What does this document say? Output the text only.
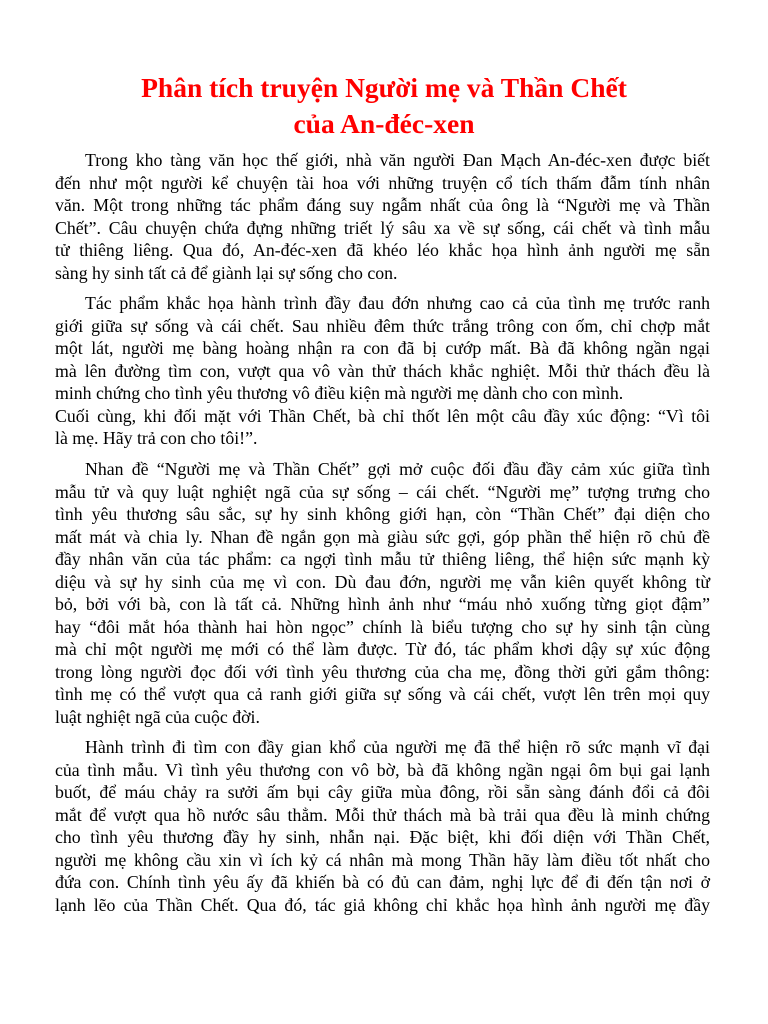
Phân tích truyện Người mẹ và Thần Chết
của An-đéc-xen

Trong kho tàng văn học thế giới, nhà văn người Đan Mạch An-đéc-xen được biết
đến như một người kể chuyện tài hoa với những truyện cổ tích thấm đẫm tính nhân
văn. Một trong những tác phẩm đáng suy ngẫm nhất của ông là “Người mẹ và Thần
Chết”. Câu chuyện chứa đựng những triết lý sâu xa về sự sống, cái chết và tình mẫu
tử thiêng liêng. Qua đó, An-đéc-xen đã khéo léo khắc họa hình ảnh người mẹ sẵn
sàng hy sinh tất cả để giành lại sự sống cho con.

Tác phẩm khắc họa hành trình đầy đau đớn nhưng cao cả của tình mẹ trước ranh
giới giữa sự sống và cái chết. Sau nhiều đêm thức trắng trông con ốm, chỉ chợp mắt
một lát, người mẹ bàng hoàng nhận ra con đã bị cướp mất. Bà đã không ngần ngại
mà lên đường tìm con, vượt qua vô vàn thử thách khắc nghiệt. Mỗi thử thách đều là
minh chứng cho tình yêu thương vô điều kiện mà người mẹ dành cho con mình.
Cuối cùng, khi đối mặt với Thần Chết, bà chỉ thốt lên một câu đầy xúc động: “Vì tôi
là mẹ. Hãy trả con cho tôi!”.

Nhan đề “Người mẹ và Thần Chết” gợi mở cuộc đối đầu đầy cảm xúc giữa tình
mẫu tử và quy luật nghiệt ngã của sự sống – cái chết. “Người mẹ” tượng trưng cho
tình yêu thương sâu sắc, sự hy sinh không giới hạn, còn “Thần Chết” đại diện cho
mất mát và chia ly. Nhan đề ngắn gọn mà giàu sức gợi, góp phần thể hiện rõ chủ đề
đầy nhân văn của tác phẩm: ca ngợi tình mẫu tử thiêng liêng, thể hiện sức mạnh kỳ
diệu và sự hy sinh của mẹ vì con. Dù đau đớn, người mẹ vẫn kiên quyết không từ
bỏ, bởi với bà, con là tất cả. Những hình ảnh như “máu nhỏ xuống từng giọt đậm”
hay “đôi mắt hóa thành hai hòn ngọc” chính là biểu tượng cho sự hy sinh tận cùng
mà chỉ một người mẹ mới có thể làm được. Từ đó, tác phẩm khơi dậy sự xúc động
trong lòng người đọc đối với tình yêu thương của cha mẹ, đồng thời gửi gắm thông:
tình mẹ có thể vượt qua cả ranh giới giữa sự sống và cái chết, vượt lên trên mọi quy
luật nghiệt ngã của cuộc đời.

Hành trình đi tìm con đầy gian khổ của người mẹ đã thể hiện rõ sức mạnh vĩ đại
của tình mẫu. Vì tình yêu thương con vô bờ, bà đã không ngần ngại ôm bụi gai lạnh
buốt, để máu chảy ra sưởi ấm bụi cây giữa mùa đông, rồi sẵn sàng đánh đổi cả đôi
mắt để vượt qua hồ nước sâu thẳm. Mỗi thử thách mà bà trải qua đều là minh chứng
cho tình yêu thương đầy hy sinh, nhẫn nại. Đặc biệt, khi đối diện với Thần Chết,
người mẹ không cầu xin vì ích kỷ cá nhân mà mong Thần hãy làm điều tốt nhất cho
đứa con. Chính tình yêu ấy đã khiến bà có đủ can đảm, nghị lực để đi đến tận nơi ở
lạnh lẽo của Thần Chết. Qua đó, tác giả không chỉ khắc họa hình ảnh người mẹ đầy
